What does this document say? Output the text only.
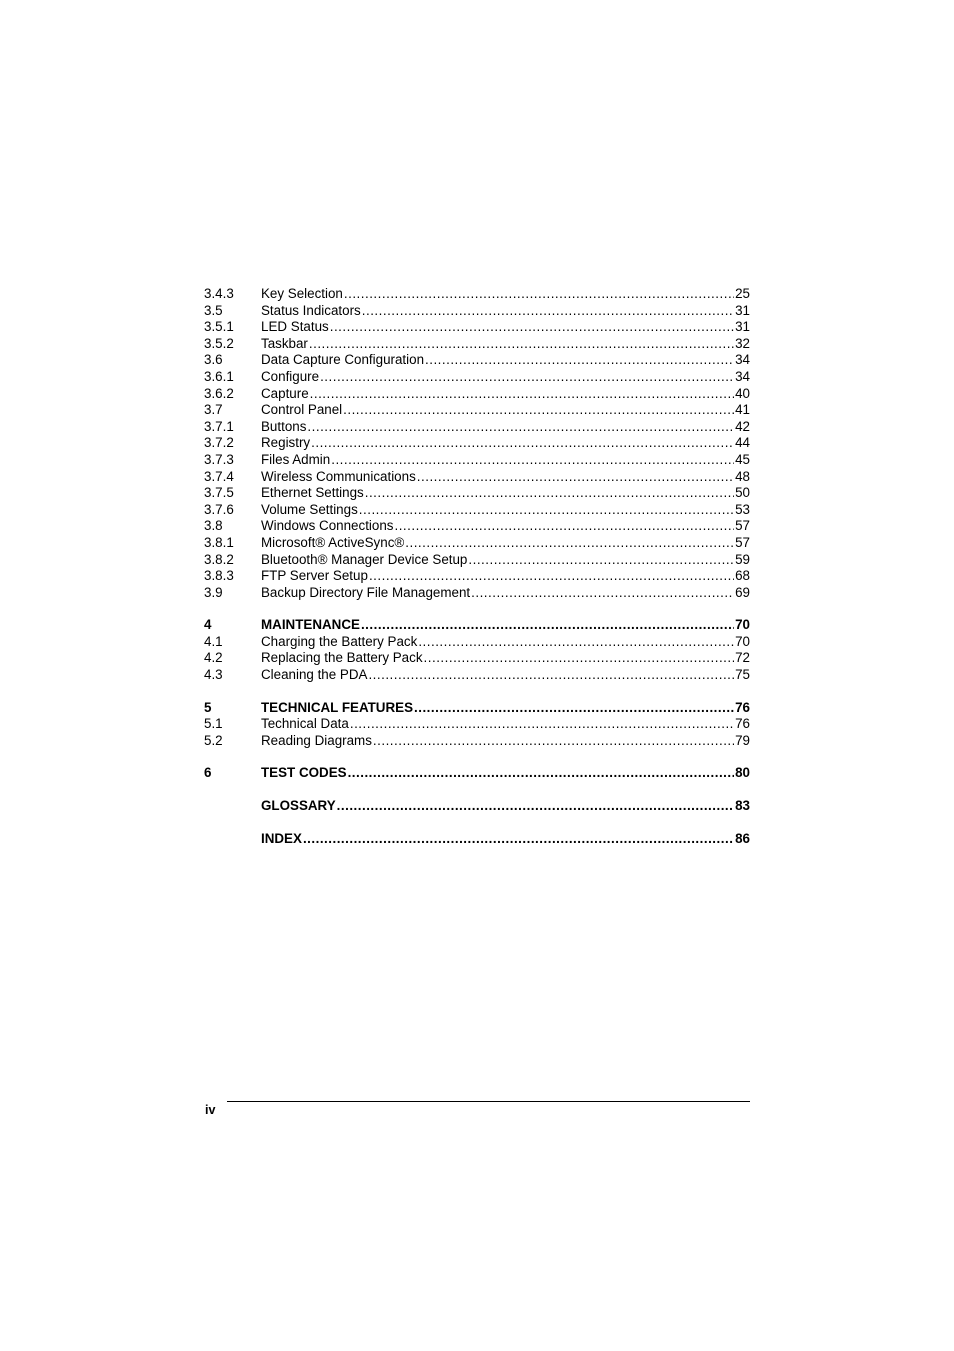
3.4.3	Key Selection .....	25
3.5	Status Indicators .....	31
3.5.1	LED Status .....	31
3.5.2	Taskbar .....	32
3.6	Data Capture Configuration .....	34
3.6.1	Configure .....	34
3.6.2	Capture .....	40
3.7	Control Panel .....	41
3.7.1	Buttons .....	42
3.7.2	Registry .....	44
3.7.3	Files Admin .....	45
3.7.4	Wireless Communications .....	48
3.7.5	Ethernet Settings .....	50
3.7.6	Volume Settings .....	53
3.8	Windows Connections .....	57
3.8.1	Microsoft® ActiveSync® .....	57
3.8.2	Bluetooth® Manager Device Setup .....	59
3.8.3	FTP Server Setup .....	68
3.9	Backup Directory File Management .....	69
4	MAINTENANCE .....	70
4.1	Charging the Battery Pack .....	70
4.2	Replacing the Battery Pack .....	72
4.3	Cleaning the PDA .....	75
5	TECHNICAL FEATURES .....	76
5.1	Technical Data .....	76
5.2	Reading Diagrams .....	79
6	TEST CODES .....	80
GLOSSARY .....	83
INDEX .....	86
iv
